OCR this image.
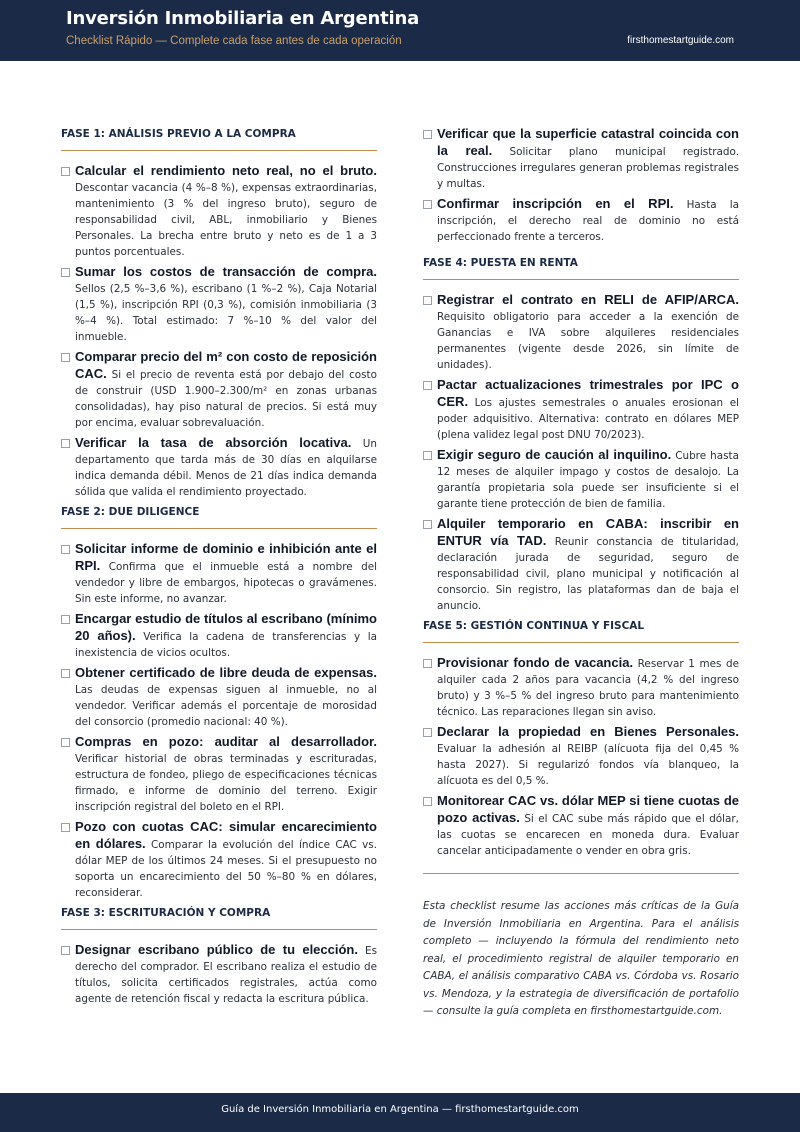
Inversión Inmobiliaria en Argentina
Checklist Rápido — Complete cada fase antes de cada operación	firsthomestartguide.com
FASE 1: ANÁLISIS PREVIO A LA COMPRA
Calcular el rendimiento neto real, no el bruto. Descontar vacancia (4 %–8 %), expensas extraordinarias, mantenimiento (3 % del ingreso bruto), seguro de responsabilidad civil, ABL, inmobiliario y Bienes Personales. La brecha entre bruto y neto es de 1 a 3 puntos porcentuales.
Sumar los costos de transacción de compra. Sellos (2,5 %–3,6 %), escribano (1 %–2 %), Caja Notarial (1,5 %), inscripción RPI (0,3 %), comisión inmobiliaria (3 %–4 %). Total estimado: 7 %–10 % del valor del inmueble.
Comparar precio del m² con costo de reposición CAC. Si el precio de reventa está por debajo del costo de construir (USD 1.900–2.300/m² en zonas urbanas consolidadas), hay piso natural de precios. Si está muy por encima, evaluar sobrevaluación.
Verificar la tasa de absorción locativa. Un departamento que tarda más de 30 días en alquilarse indica demanda débil. Menos de 21 días indica demanda sólida que valida el rendimiento proyectado.
FASE 2: DUE DILIGENCE
Solicitar informe de dominio e inhibición ante el RPI. Confirma que el inmueble está a nombre del vendedor y libre de embargos, hipotecas o gravámenes. Sin este informe, no avanzar.
Encargar estudio de títulos al escribano (mínimo 20 años). Verifica la cadena de transferencias y la inexistencia de vicios ocultos.
Obtener certificado de libre deuda de expensas. Las deudas de expensas siguen al inmueble, no al vendedor. Verificar además el porcentaje de morosidad del consorcio (promedio nacional: 40 %).
Compras en pozo: auditar al desarrollador. Verificar historial de obras terminadas y escrituradas, estructura de fondeo, pliego de especificaciones técnicas firmado, e informe de dominio del terreno. Exigir inscripción registral del boleto en el RPI.
Pozo con cuotas CAC: simular encarecimiento en dólares. Comparar la evolución del índice CAC vs. dólar MEP de los últimos 24 meses. Si el presupuesto no soporta un encarecimiento del 50 %–80 % en dólares, reconsiderar.
FASE 3: ESCRITURACIÓN Y COMPRA
Designar escribano público de tu elección. Es derecho del comprador. El escribano realiza el estudio de títulos, solicita certificados registrales, actúa como agente de retención fiscal y redacta la escritura pública.
Verificar que la superficie catastral coincida con la real. Solicitar plano municipal registrado. Construcciones irregulares generan problemas registrales y multas.
Confirmar inscripción en el RPI. Hasta la inscripción, el derecho real de dominio no está perfeccionado frente a terceros.
FASE 4: PUESTA EN RENTA
Registrar el contrato en RELI de AFIP/ARCA. Requisito obligatorio para acceder a la exención de Ganancias e IVA sobre alquileres residenciales permanentes (vigente desde 2026, sin límite de unidades).
Pactar actualizaciones trimestrales por IPC o CER. Los ajustes semestrales o anuales erosionan el poder adquisitivo. Alternativa: contrato en dólares MEP (plena validez legal post DNU 70/2023).
Exigir seguro de caución al inquilino. Cubre hasta 12 meses de alquiler impago y costos de desalojo. La garantía propietaria sola puede ser insuficiente si el garante tiene protección de bien de familia.
Alquiler temporario en CABA: inscribir en ENTUR vía TAD. Reunir constancia de titularidad, declaración jurada de seguridad, seguro de responsabilidad civil, plano municipal y notificación al consorcio. Sin registro, las plataformas dan de baja el anuncio.
FASE 5: GESTIÓN CONTINUA Y FISCAL
Provisionar fondo de vacancia. Reservar 1 mes de alquiler cada 2 años para vacancia (4,2 % del ingreso bruto) y 3 %–5 % del ingreso bruto para mantenimiento técnico. Las reparaciones llegan sin aviso.
Declarar la propiedad en Bienes Personales. Evaluar la adhesión al REIBP (alícuota fija del 0,45 % hasta 2027). Si regularizó fondos vía blanqueo, la alícuota es del 0,5 %.
Monitorear CAC vs. dólar MEP si tiene cuotas de pozo activas. Si el CAC sube más rápido que el dólar, las cuotas se encarecen en moneda dura. Evaluar cancelar anticipadamente o vender en obra gris.

Esta checklist resume las acciones más críticas de la Guía de Inversión Inmobiliaria en Argentina. Para el análisis completo — incluyendo la fórmula del rendimiento neto real, el procedimiento registral de alquiler temporario en CABA, el análisis comparativo CABA vs. Córdoba vs. Rosario vs. Mendoza, y la estrategia de diversificación de portafolio — consulte la guía completa en firsthomestartguide.com.

Guía de Inversión Inmobiliaria en Argentina — firsthomestartguide.com
